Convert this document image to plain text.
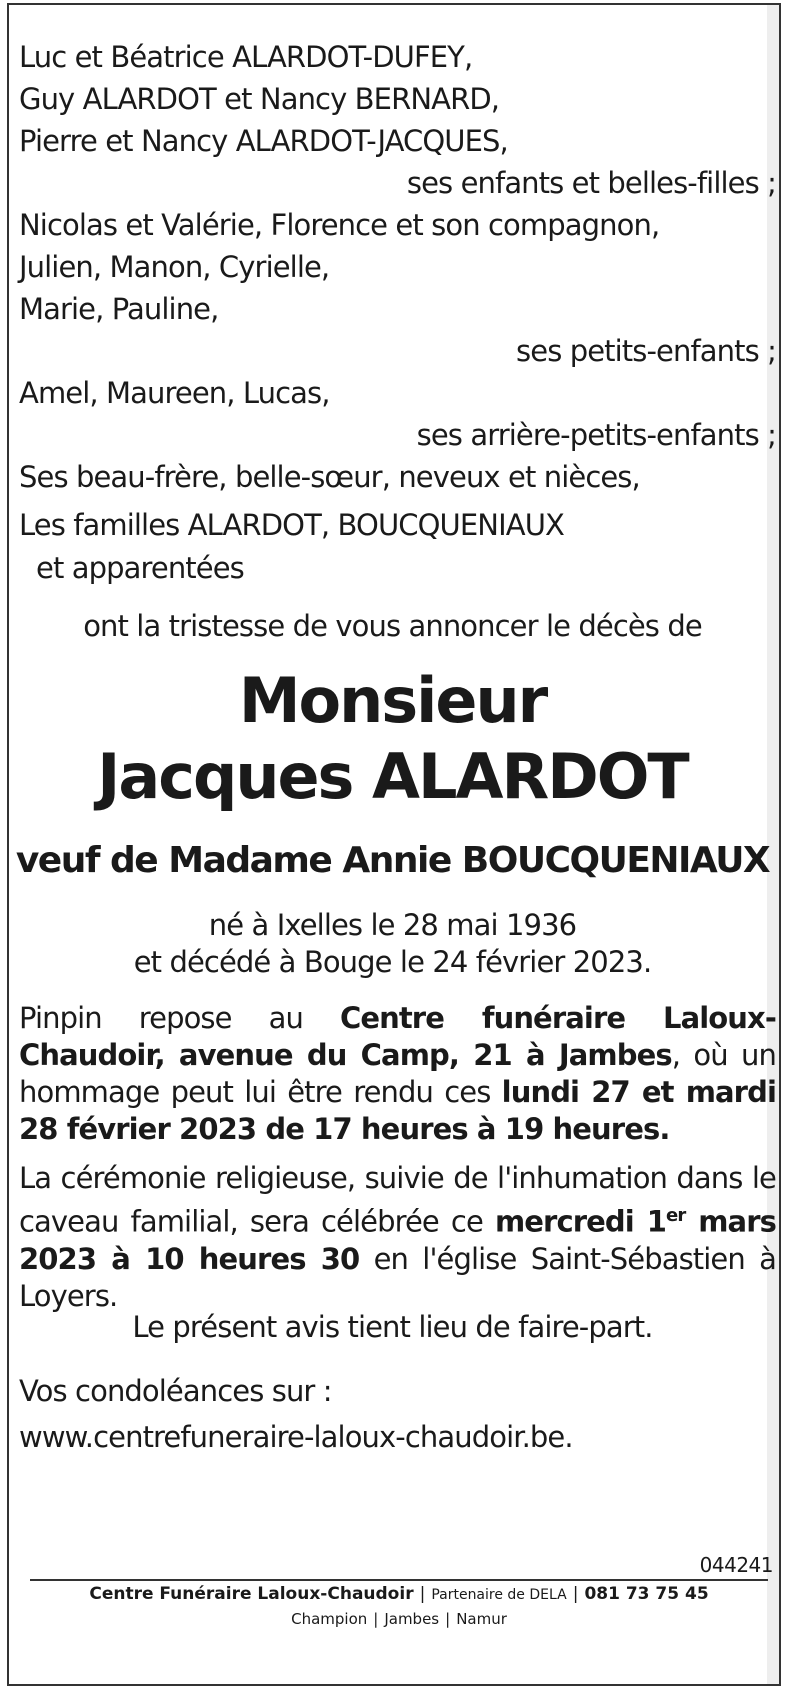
Luc et Béatrice ALARDOT-DUFEY,
Guy ALARDOT et Nancy BERNARD,
Pierre et Nancy ALARDOT-JACQUES,
ses enfants et belles-filles ;
Nicolas et Valérie, Florence et son compagnon,
Julien, Manon, Cyrielle,
Marie, Pauline,
ses petits-enfants ;
Amel, Maureen, Lucas,
ses arrière-petits-enfants ;
Ses beau-frère, belle-sœur, neveux et nièces,
Les familles ALARDOT, BOUCQUENIAUX
et apparentées
ont la tristesse de vous annoncer le décès de
Monsieur
Jacques ALARDOT
veuf de Madame Annie BOUCQUENIAUX
né à Ixelles le 28 mai 1936
et décédé à Bouge le 24 février 2023.
Pinpin repose au Centre funéraire Laloux-Chaudoir, avenue du Camp, 21 à Jambes, où un hommage peut lui être rendu ces lundi 27 et mardi 28 février 2023 de 17 heures à 19 heures.
La cérémonie religieuse, suivie de l'inhumation dans le caveau familial, sera célébrée ce mercredi 1er mars 2023 à 10 heures 30 en l'église Saint-Sébastien à Loyers.
Le présent avis tient lieu de faire-part.
Vos condoléances sur :
www.centrefuneraire-laloux-chaudoir.be.
044241
Centre Funéraire Laloux-Chaudoir | Partenaire de DELA | 081 73 75 45
Champion | Jambes | Namur
